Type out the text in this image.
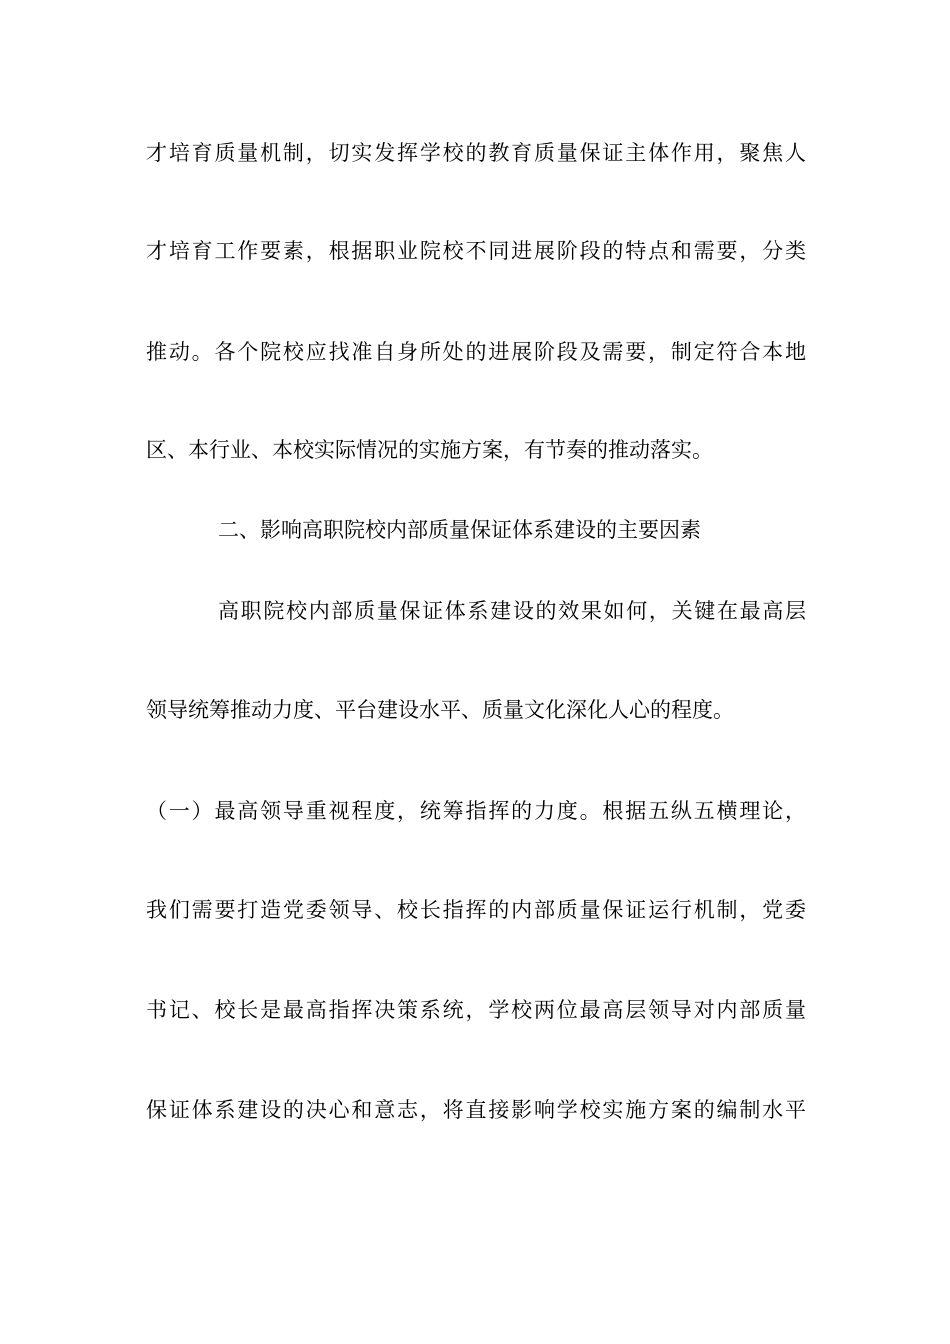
才培育质量机制，切实发挥学校的教育质量保证主体作用，聚焦人
才培育工作要素，根据职业院校不同进展阶段的特点和需要，分类
推动。各个院校应找准自身所处的进展阶段及需要，制定符合本地
区、本行业、本校实际情况的实施方案，有节奏的推动落实。
二、影响高职院校内部质量保证体系建设的主要因素
高职院校内部质量保证体系建设的效果如何，关键在最高层
领导统筹推动力度、平台建设水平、质量文化深化人心的程度。
（一）最高领导重视程度，统筹指挥的力度。根据五纵五横理论，
我们需要打造党委领导、校长指挥的内部质量保证运行机制，党委
书记、校长是最高指挥决策系统，学校两位最高层领导对内部质量
保证体系建设的决心和意志，将直接影响学校实施方案的编制水平
